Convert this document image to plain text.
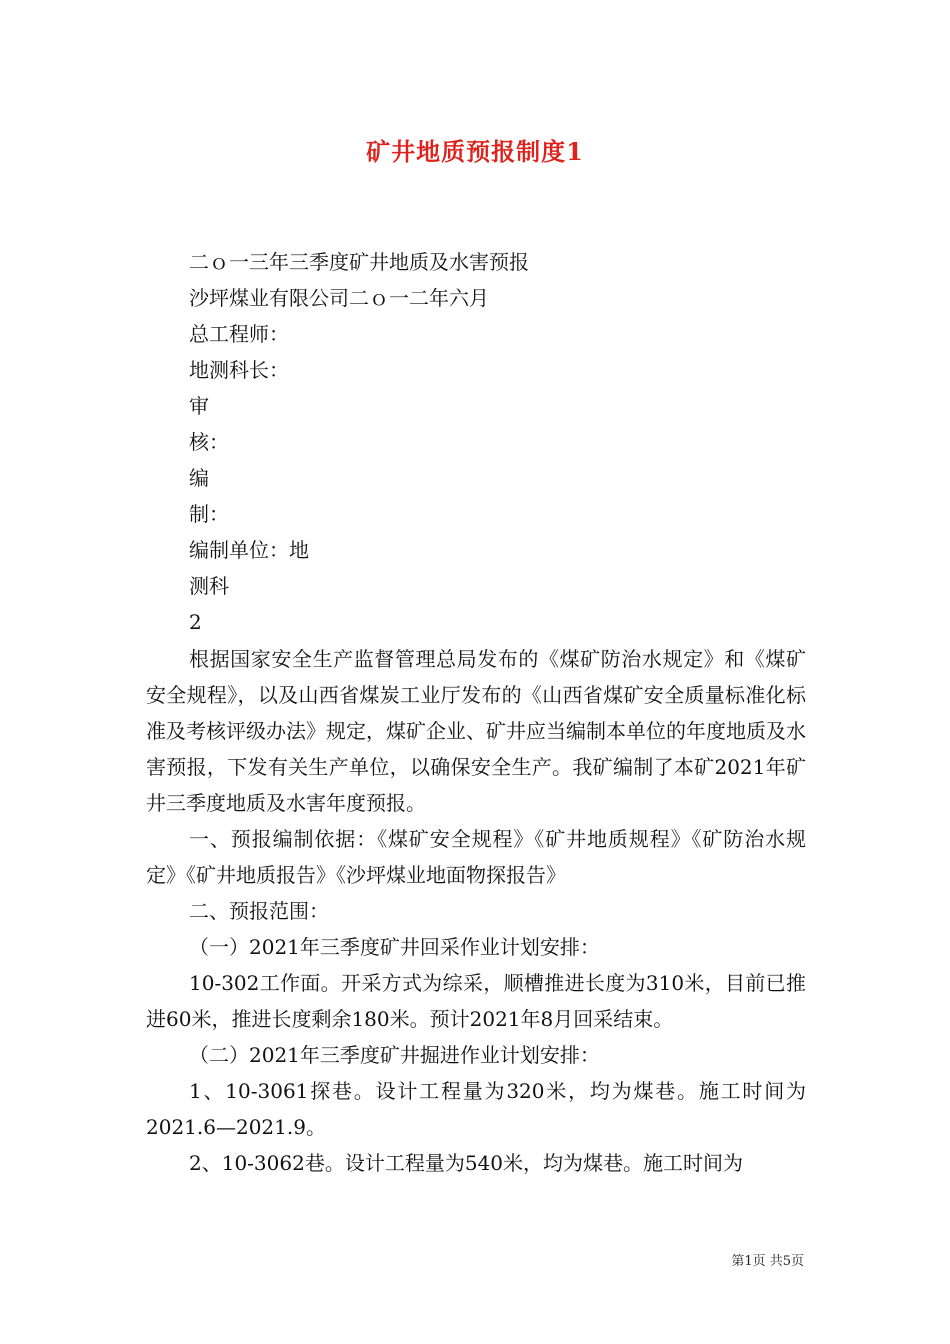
矿井地质预报制度1
二ｏ一三年三季度矿井地质及水害预报
沙坪煤业有限公司二ｏ一二年六月
总工程师：
地测科长：
审
核：
编
制：
编制单位：地
测科
2

根据国家安全生产监督管理总局发布的《煤矿防治水规定》和《煤矿安全规程》，以及山西省煤炭工业厅发布的《山西省煤矿安全质量标准化标准及考核评级办法》规定，煤矿企业、矿井应当编制本单位的年度地质及水害预报，下发有关生产单位，以确保安全生产。我矿编制了本矿2021年矿井三季度地质及水害年度预报。

一、预报编制依据：《煤矿安全规程》《矿井地质规程》《矿防治水规定》《矿井地质报告》《沙坪煤业地面物探报告》

二、预报范围：

（一）2021年三季度矿井回采作业计划安排：

10-302工作面。开采方式为综采，顺槽推进长度为310米，目前已推进60米，推进长度剩余180米。预计2021年8月回采结束。

（二）2021年三季度矿井掘进作业计划安排：

1、10-3061探巷。设计工程量为320米，均为煤巷。施工时间为2021.6—2021.9。

2、10-3062巷。设计工程量为540米，均为煤巷。施工时间为

第1页 共5页
